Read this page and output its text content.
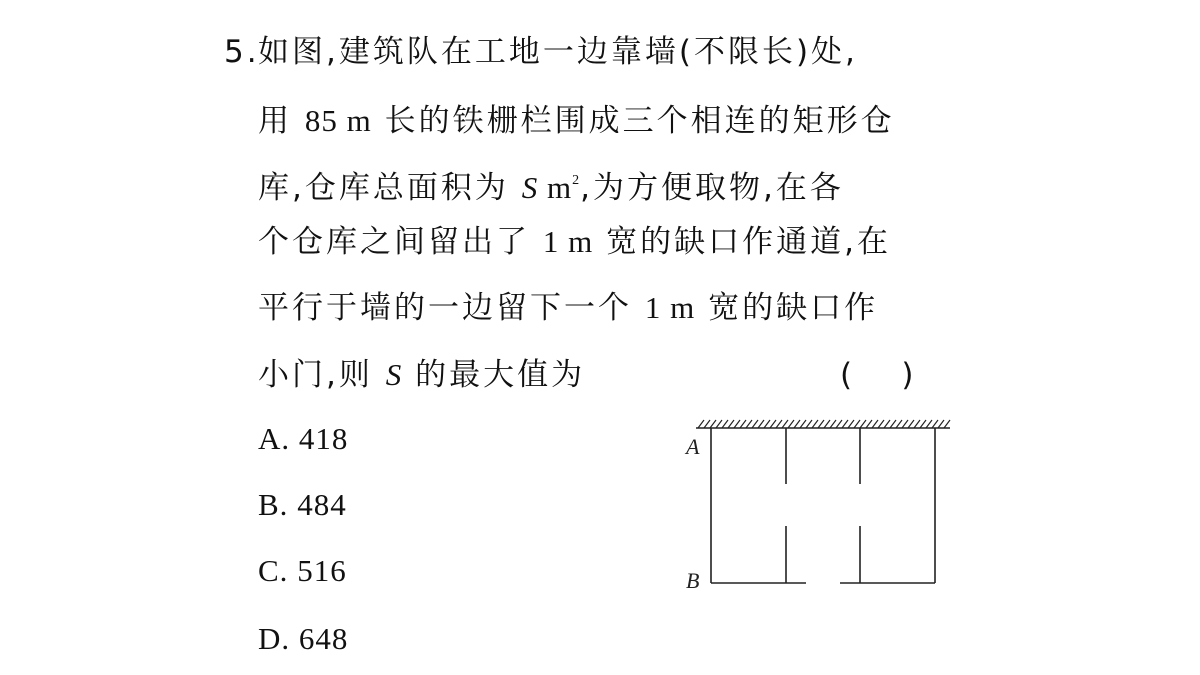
5.
如图,建筑队在工地一边靠墙(不限长)处,
用 85 m 长的铁栅栏围成三个相连的矩形仓
库,仓库总面积为 S $m^2$,为方便取物,在各
个仓库之间留出了 1 m 宽的缺口作通道,在
平行于墙的一边留下一个 1 m 宽的缺口作
小门,则 S 的最大值为	(     )
A. 418
B. 484
C. 516
D. 648
A
B
